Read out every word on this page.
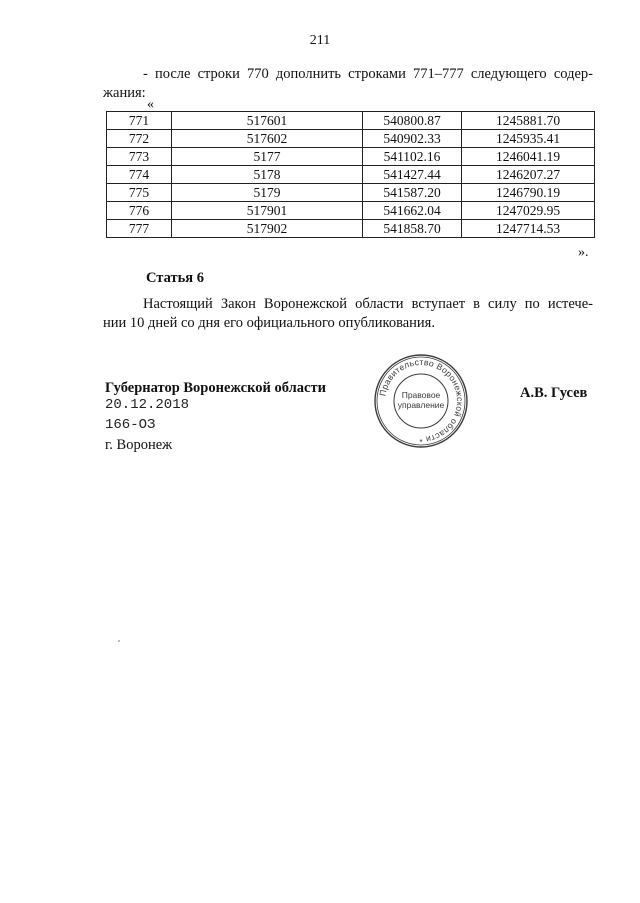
211
- после строки 770 дополнить строками 771–777 следующего содер-
жания:
«
771	517601	540800.87	1245881.70
772	517602	540902.33	1245935.41
773	5177	541102.16	1246041.19
774	5178	541427.44	1246207.27
775	5179	541587.20	1246790.19
776	517901	541662.04	1247029.95
777	517902	541858.70	1247714.53
».
Статья 6
Настоящий Закон Воронежской области вступает в силу по истече-
нии 10 дней со дня его официального опубликования.
Губернатор Воронежской области	А.В. Гусев
20.12.2018
166-ОЗ
г. Воронеж
Правительство Воронежской области
Правовое
управление
*
